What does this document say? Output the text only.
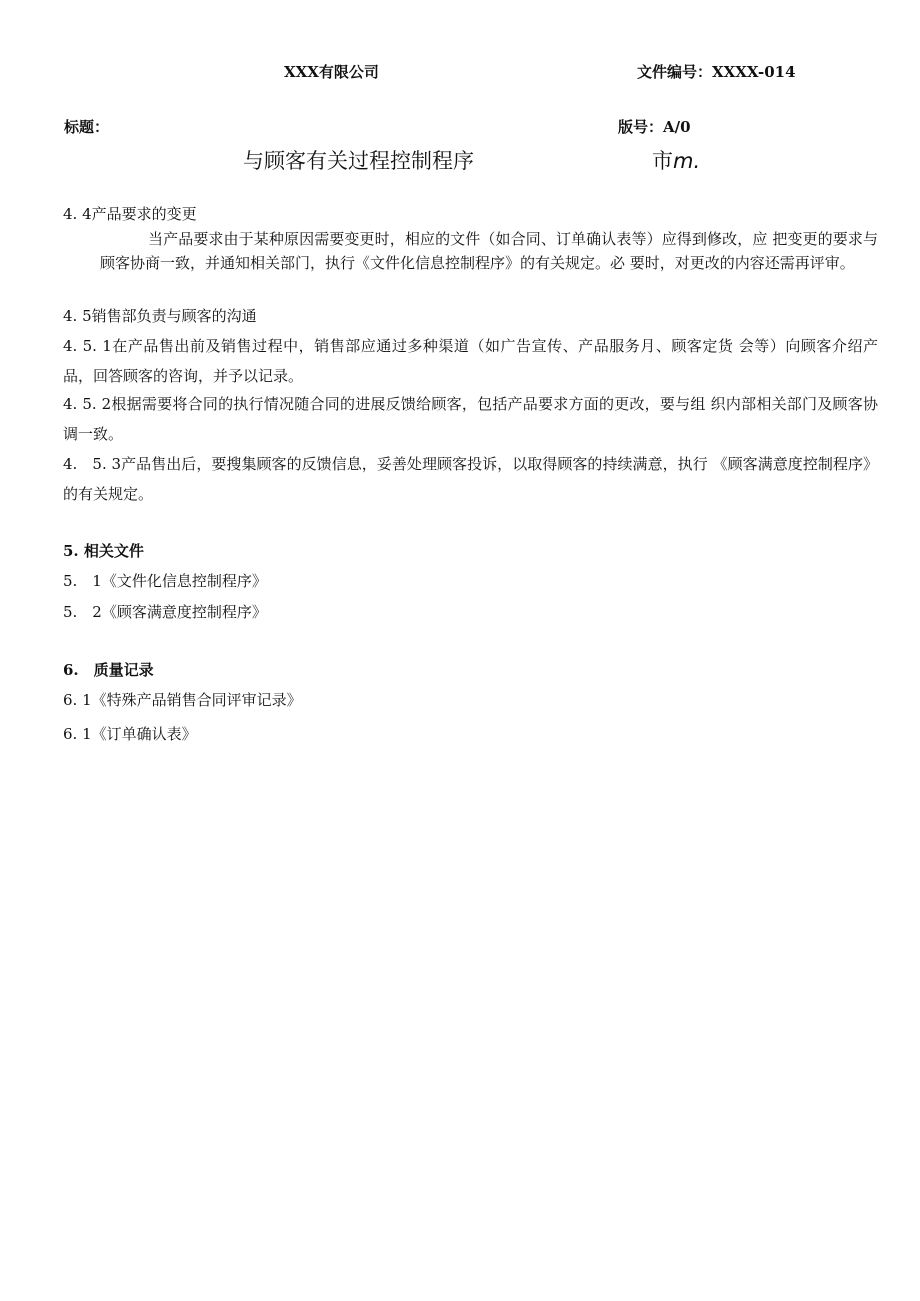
XXX有限公司	文件编号：XXXX-014
标题：	版号：A/0
与顾客有关过程控制程序	市m.
4. 4产品要求的变更
当产品要求由于某种原因需要变更时，相应的文件（如合同、订单确认表等）应得到修改，应 把变更的要求与顾客协商一致，并通知相关部门，执行《文件化信息控制程序》的有关规定。必 要时，对更改的内容还需再评审。
4. 5销售部负责与顾客的沟通
4. 5. 1在产品售出前及销售过程中，销售部应通过多种渠道（如广告宣传、产品服务月、顾客定货 会等）向顾客介绍产品，回答顾客的咨询，并予以记录。
4. 5. 2根据需要将合同的执行情况随合同的进展反馈给顾客，包括产品要求方面的更改，要与组 织内部相关部门及顾客协调一致。
4.　5. 3产品售出后，要搜集顾客的反馈信息，妥善处理顾客投诉，以取得顾客的持续满意，执行 《顾客满意度控制程序》的有关规定。
5. 相关文件
5.　1《文件化信息控制程序》
5.　2《顾客满意度控制程序》
6.　质量记录
6. 1《特殊产品销售合同评审记录》
6. 1《订单确认表》
